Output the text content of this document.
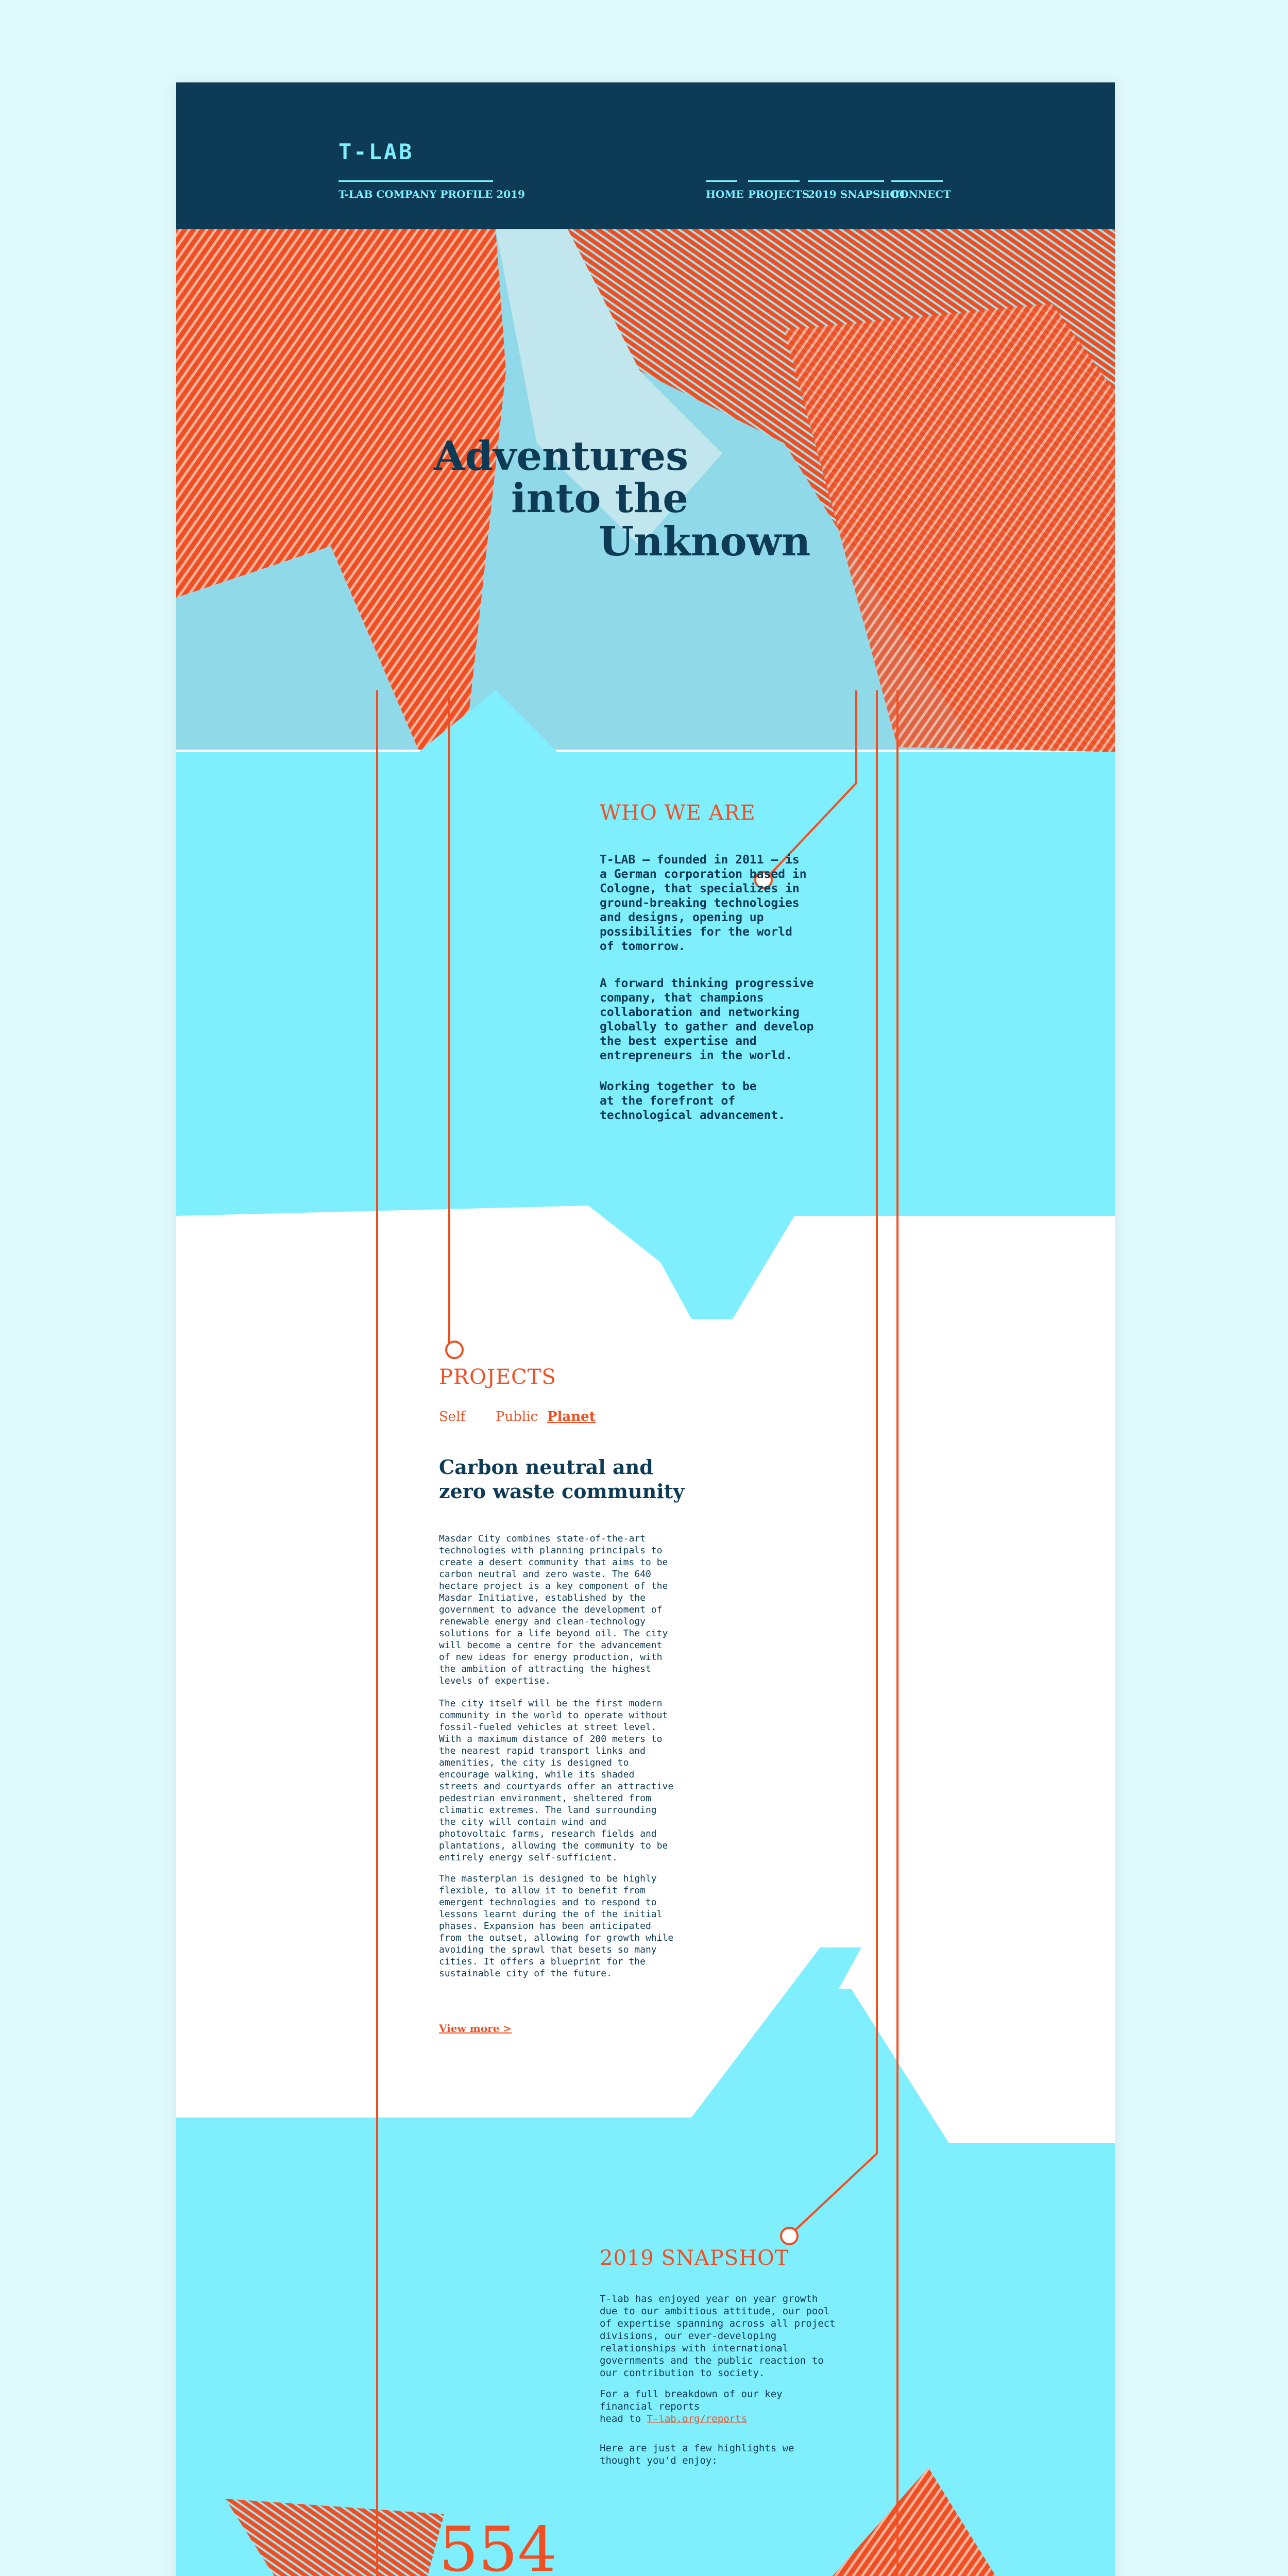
T-LAB
T-LAB COMPANY PROFILE 2019	HOME PROJECTS
2019 SNAPSHOT
CONNECT
Adventures
into the
Unknown
WHO WE ARE
T-LAB – founded in 2011 – is
a German corporation based in
Cologne, that specializes in
ground-breaking technologies
and designs, opening up
possibilities for the world
of tomorrow.
A forward thinking progressive
company, that champions
collaboration and networking
globally to gather and develop
the best expertise and
entrepreneurs in the world.
Working together to be
at the forefront of
technological advancement.
PROJECTS
Self Public Planet
Carbon neutral and
zero waste community
Masdar City combines state-of-the-art
technologies with planning principals to
create a desert community that aims to be
carbon neutral and zero waste. The 640
hectare project is a key component of the
Masdar Initiative, established by the
government to advance the development of
renewable energy and clean-technology
solutions for a life beyond oil. The city
will become a centre for the advancement
of new ideas for energy production, with
the ambition of attracting the highest
levels of expertise.
The city itself will be the first modern
community in the world to operate without
fossil-fueled vehicles at street level.
With a maximum distance of 200 meters to
the nearest rapid transport links and
amenities, the city is designed to
encourage walking, while its shaded
streets and courtyards offer an attractive
pedestrian environment, sheltered from
climatic extremes. The land surrounding
the city will contain wind and
photovoltaic farms, research fields and
plantations, allowing the community to be
entirely energy self-sufficient.
The masterplan is designed to be highly
flexible, to allow it to benefit from
emergent technologies and to respond to
lessons learnt during the of the initial
phases. Expansion has been anticipated
from the outset, allowing for growth while
avoiding the sprawl that besets so many
cities. It offers a blueprint for the
sustainable city of the future.
View more >
2019 SNAPSHOT
T-lab has enjoyed year on year growth
due to our ambitious attitude, our pool
of expertise spanning across all project
divisions, our ever-developing
relationships with international
governments and the public reaction to
our contribution to society.
For a full breakdown of our key
financial reports
head to T-lab.org/reports
Here are just a few highlights we
thought you'd enjoy:
554
